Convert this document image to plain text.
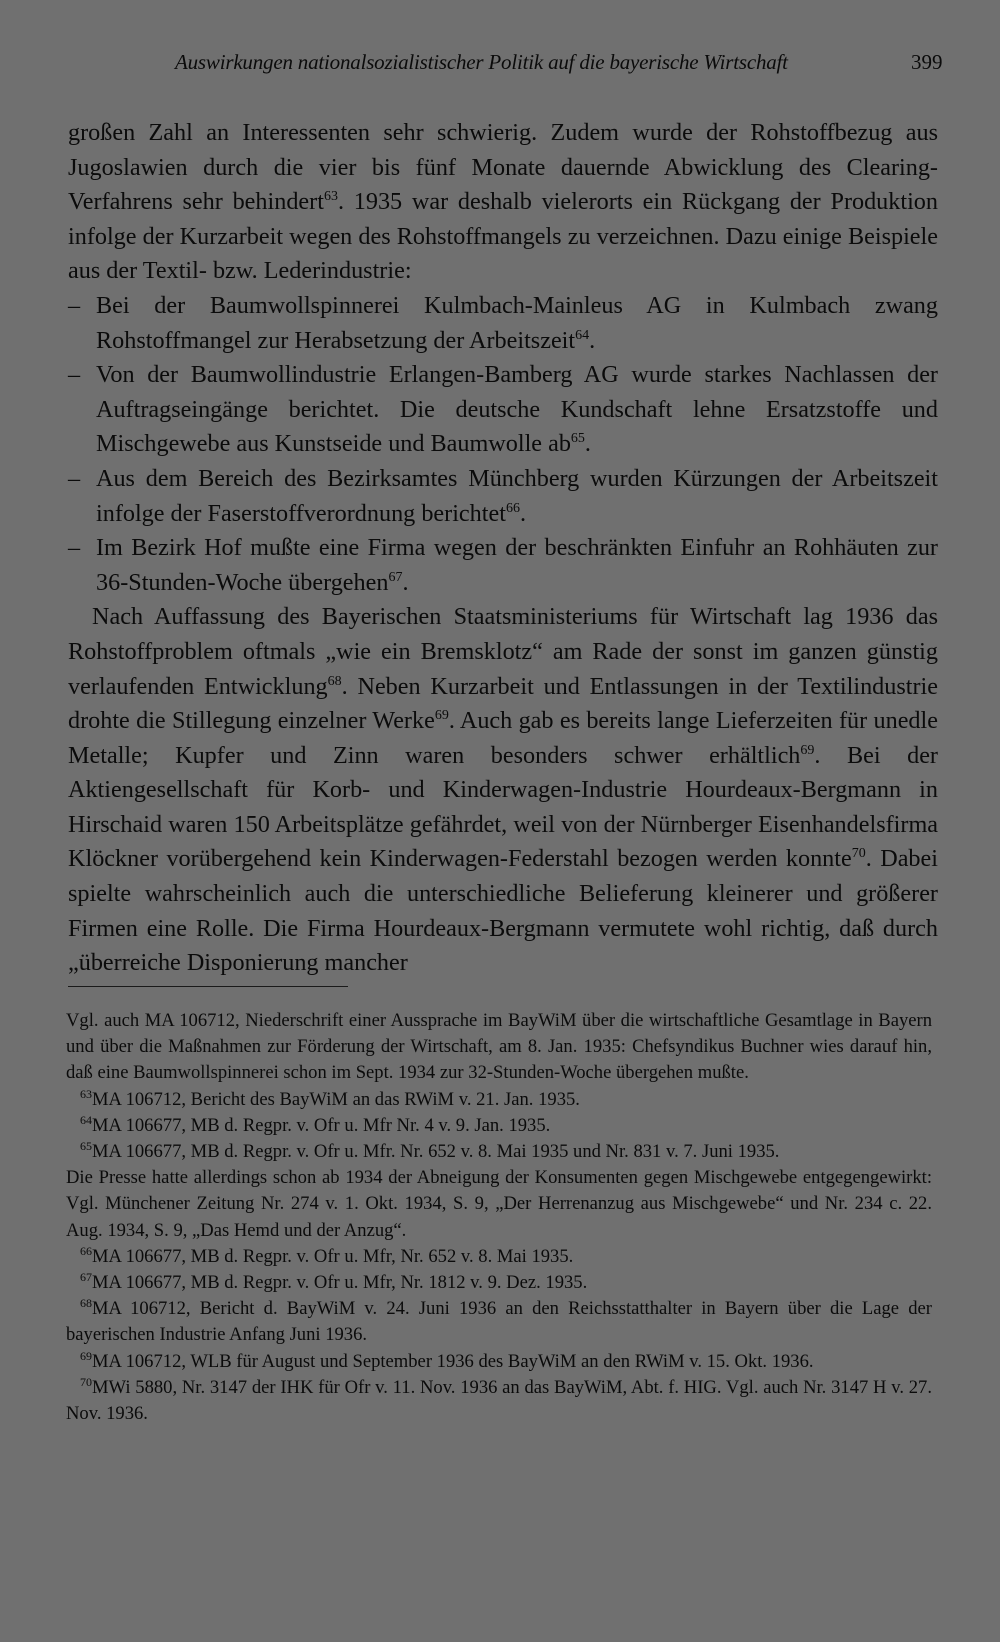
Auswirkungen nationalsozialistischer Politik auf die bayerische Wirtschaft	399

großen Zahl an Interessenten sehr schwierig. Zudem wurde der Rohstoffbezug aus Jugoslawien durch die vier bis fünf Monate dauernde Abwicklung des Clearing-Verfahrens sehr behindert$^{63}$. 1935 war deshalb vielerorts ein Rückgang der Produktion infolge der Kurzarbeit wegen des Rohstoffmangels zu verzeichnen. Dazu einige Beispiele aus der Textil- bzw. Lederindustrie:

– Bei der Baumwollspinnerei Kulmbach-Mainleus AG in Kulmbach zwang Rohstoffmangel zur Herabsetzung der Arbeitszeit$^{64}$.
– Von der Baumwollindustrie Erlangen-Bamberg AG wurde starkes Nachlassen der Auftragseingänge berichtet. Die deutsche Kundschaft lehne Ersatzstoffe und Mischgewebe aus Kunstseide und Baumwolle $ab^{65}$.
– Aus dem Bereich des Bezirksamtes Münchberg wurden Kürzungen der Arbeitszeit infolge der Faserstoffverordnung berichtet$^{66}$.
– Im Bezirk Hof mußte eine Firma wegen der beschränkten Einfuhr an Rohhäuten zur 36-Stunden-Woche übergehen$^{67}$.

Nach Auffassung des Bayerischen Staatsministeriums für Wirtschaft lag 1936 das Rohstoffproblem oftmals „wie ein Bremsklotz“ am Rade der sonst im ganzen günstig verlaufenden Entwicklung$^{68}$. Neben Kurzarbeit und Entlassungen in der Textilindustrie drohte die Stillegung einzelner Werke$^{69}$. Auch gab es bereits lange Lieferzeiten für unedle Metalle; Kupfer und Zinn waren besonders schwer erhältlich$^{69}$. Bei der Aktiengesellschaft für Korb- und Kinderwagen-Industrie Hourdeaux-Bergmann in Hirschaid waren 150 Arbeitsplätze gefährdet, weil von der Nürnberger Eisenhandelsfirma Klöckner vorübergehend kein Kinderwagen-Federstahl bezogen werden konnte$^{70}$. Dabei spielte wahrscheinlich auch die unterschiedliche Belieferung kleinerer und größerer Firmen eine Rolle. Die Firma Hourdeaux-Bergmann vermutete wohl richtig, daß durch „überreiche Disponierung mancher

Vgl. auch MA 106712, Niederschrift einer Aussprache im BayWiM über die wirtschaftliche Gesamtlage in Bayern und über die Maßnahmen zur Förderung der Wirtschaft, am 8. Jan. 1935: Chefsyndikus Buchner wies darauf hin, daß eine Baumwollspinnerei schon im Sept. 1934 zur 32-Stunden-Woche übergehen mußte.

$^{63}$MA 106712, Bericht des BayWiM an das RWiM v. 21. Jan. 1935.

$^{64}$MA 106677, MB d. Regpr. v. Ofr u. Mfr Nr. 4 v. 9. Jan. 1935.

$^{65}$MA 106677, MB d. Regpr. v. Ofr u. Mfr. Nr. 652 v. 8. Mai 1935 und Nr. 831 v. 7. Juni 1935.

Die Presse hatte allerdings schon ab 1934 der Abneigung der Konsumenten gegen Mischgewebe entgegengewirkt: Vgl. Münchener Zeitung Nr. 274 v. 1. Okt. 1934, S. 9, „Der Herrenanzug aus Mischgewebe“ und Nr. 234 c. 22. Aug. 1934, S. 9, „Das Hemd und der Anzug“.

$^{66}$MA 106677, MB d. Regpr. v. Ofr u. Mfr, Nr. 652 v. 8. Mai 1935.

$^{67}$MA 106677, MB d. Regpr. v. Ofr u. Mfr, Nr. 1812 v. 9. Dez. 1935.

$^{68}$MA 106712, Bericht d. BayWiM v. 24. Juni 1936 an den Reichsstatthalter in Bayern über die Lage der bayerischen Industrie Anfang Juni 1936.

$^{69}$MA 106712, WLB für August und September 1936 des BayWiM an den RWiM v. 15. Okt. 1936.

$^{70}$MWi 5880, Nr. 3147 der IHK für Ofr v. 11. Nov. 1936 an das BayWiM, Abt. f. HIG. Vgl. auch Nr. 3147 H v. 27. Nov. 1936.
